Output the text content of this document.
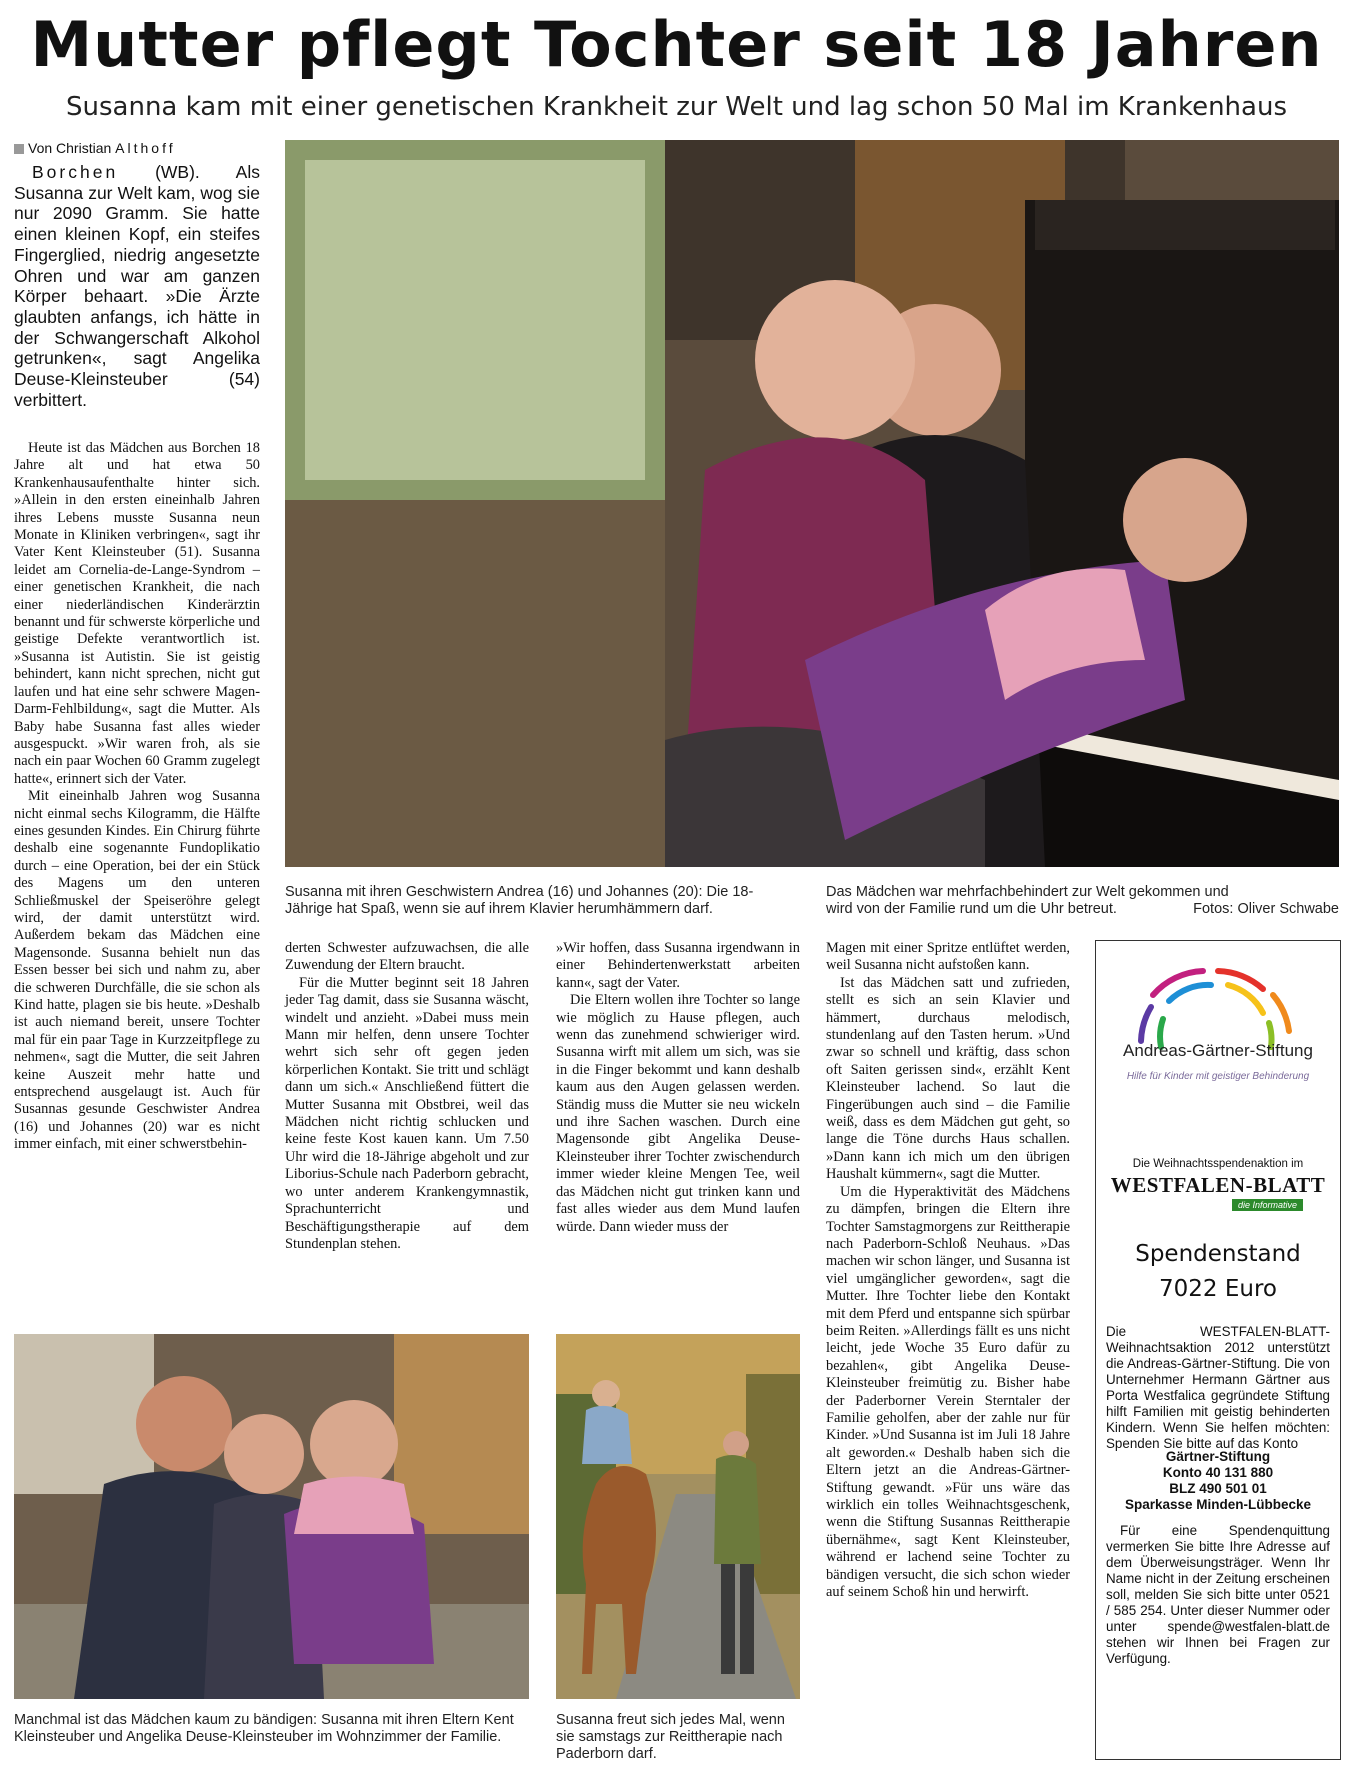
Mutter pflegt Tochter seit 18 Jahren
Susanna kam mit einer genetischen Krankheit zur Welt und lag schon 50 Mal im Krankenhaus
Von Christian Althoff
Borchen (WB). Als Susanna zur Welt kam, wog sie nur 2090 Gramm. Sie hatte einen kleinen Kopf, ein steifes Fingerglied, niedrig angesetzte Ohren und war am ganzen Körper behaart. »Die Ärzte glaubten anfangs, ich hätte in der Schwangerschaft Alkohol getrunken«, sagt Angelika Deuse-Kleinsteuber (54) verbittert.

Heute ist das Mädchen aus Borchen 18 Jahre alt und hat etwa 50 Krankenhausaufenthalte hinter sich. »Allein in den ersten eineinhalb Jahren ihres Lebens musste Susanna neun Monate in Kliniken verbringen«, sagt ihr Vater Kent Kleinsteuber (51). Susanna leidet am Cornelia-de-Lange-Syndrom – einer genetischen Krankheit, die nach einer niederländischen Kinderärztin benannt und für schwerste körperliche und geistige Defekte verantwortlich ist. »Susanna ist Autistin. Sie ist geistig behindert, kann nicht sprechen, nicht gut laufen und hat eine sehr schwere Magen-Darm-Fehlbildung«, sagt die Mutter. Als Baby habe Susanna fast alles wieder ausgespuckt. »Wir waren froh, als sie nach ein paar Wochen 60 Gramm zugelegt hatte«, erinnert sich der Vater.

Mit eineinhalb Jahren wog Susanna nicht einmal sechs Kilogramm, die Hälfte eines gesunden Kindes. Ein Chirurg führte deshalb eine sogenannte Fundoplikatio durch – eine Operation, bei der ein Stück des Magens um den unteren Schließmuskel der Speiseröhre gelegt wird, der damit unterstützt wird. Außerdem bekam das Mädchen eine Magensonde. Susanna behielt nun das Essen besser bei sich und nahm zu, aber die schweren Durchfälle, die sie schon als Kind hatte, plagen sie bis heute. »Deshalb ist auch niemand bereit, unsere Tochter mal für ein paar Tage in Kurzzeitpflege zu nehmen«, sagt die Mutter, die seit Jahren keine Auszeit mehr hatte und entsprechend ausgelaugt ist. Auch für Susannas gesunde Geschwister Andrea (16) und Johannes (20) war es nicht immer einfach, mit einer schwerstbehin-

Susanna mit ihren Geschwistern Andrea (16) und Johannes (20): Die 18-Jährige hat Spaß, wenn sie auf ihrem Klavier herumhämmern darf.
Das Mädchen war mehrfachbehindert zur Welt gekommen und wird von der Familie rund um die Uhr betreut.	Fotos: Oliver Schwabe

derten Schwester aufzuwachsen, die alle Zuwendung der Eltern braucht.

Für die Mutter beginnt seit 18 Jahren jeder Tag damit, dass sie Susanna wäscht, windelt und anzieht. »Dabei muss mein Mann mir helfen, denn unsere Tochter wehrt sich sehr oft gegen jeden körperlichen Kontakt. Sie tritt und schlägt dann um sich.« Anschließend füttert die Mutter Susanna mit Obstbrei, weil das Mädchen nicht richtig schlucken und keine feste Kost kauen kann. Um 7.50 Uhr wird die 18-Jährige abgeholt und zur Liborius-Schule nach Paderborn gebracht, wo unter anderem Krankengymnastik, Sprachunterricht und Beschäftigungstherapie auf dem Stundenplan stehen.

»Wir hoffen, dass Susanna irgendwann in einer Behindertenwerkstatt arbeiten kann«, sagt der Vater.

Die Eltern wollen ihre Tochter so lange wie möglich zu Hause pflegen, auch wenn das zunehmend schwieriger wird. Susanna wirft mit allem um sich, was sie in die Finger bekommt und kann deshalb kaum aus den Augen gelassen werden. Ständig muss die Mutter sie neu wickeln und ihre Sachen waschen. Durch eine Magensonde gibt Angelika Deuse-Kleinsteuber ihrer Tochter zwischendurch immer wieder kleine Mengen Tee, weil das Mädchen nicht gut trinken kann und fast alles wieder aus dem Mund laufen würde. Dann wieder muss der

Magen mit einer Spritze entlüftet werden, weil Susanna nicht aufstoßen kann.

Ist das Mädchen satt und zufrieden, stellt es sich an sein Klavier und hämmert, durchaus melodisch, stundenlang auf den Tasten herum. »Und zwar so schnell und kräftig, dass schon oft Saiten gerissen sind«, erzählt Kent Kleinsteuber lachend. So laut die Fingerübungen auch sind – die Familie weiß, dass es dem Mädchen gut geht, so lange die Töne durchs Haus schallen. »Dann kann ich mich um den übrigen Haushalt kümmern«, sagt die Mutter.

Um die Hyperaktivität des Mädchens zu dämpfen, bringen die Eltern ihre Tochter Samstagmorgens zur Reittherapie nach Paderborn-Schloß Neuhaus. »Das machen wir schon länger, und Susanna ist viel umgänglicher geworden«, sagt die Mutter. Ihre Tochter liebe den Kontakt mit dem Pferd und entspanne sich spürbar beim Reiten. »Allerdings fällt es uns nicht leicht, jede Woche 35 Euro dafür zu bezahlen«, gibt Angelika Deuse-Kleinsteuber freimütig zu. Bisher habe der Paderborner Verein Sterntaler der Familie geholfen, aber der zahle nur für Kinder. »Und Susanna ist im Juli 18 Jahre alt geworden.« Deshalb haben sich die Eltern jetzt an die Andreas-Gärtner-Stiftung gewandt. »Für uns wäre das wirklich ein tolles Weihnachtsgeschenk, wenn die Stiftung Susannas Reittherapie übernähme«, sagt Kent Kleinsteuber, während er lachend seine Tochter zu bändigen versucht, die sich schon wieder auf seinem Schoß hin und herwirft.

Manchmal ist das Mädchen kaum zu bändigen: Susanna mit ihren Eltern Kent Kleinsteuber und Angelika Deuse-Kleinsteuber im Wohnzimmer der Familie.
Susanna freut sich jedes Mal, wenn sie samstags zur Reittherapie nach Paderborn darf.
Andreas-Gärtner-Stiftung
Hilfe für Kinder mit geistiger Behinderung
Die Weihnachtsspendenaktion im
WESTFALEN-BLATT
die Informative
Spendenstand
7022 Euro
Die WESTFALEN-BLATT-Weihnachtsaktion 2012 unterstützt die Andreas-Gärtner-Stiftung. Die von Unternehmer Hermann Gärtner aus Porta Westfalica gegründete Stiftung hilft Familien mit geistig behinderten Kindern. Wenn Sie helfen möchten: Spenden Sie bitte auf das Konto
Gärtner-Stiftung
Konto 40 131 880
BLZ 490 501 01
Sparkasse Minden-Lübbecke
Für eine Spendenquittung vermerken Sie bitte Ihre Adresse auf dem Überweisungsträger. Wenn Ihr Name nicht in der Zeitung erscheinen soll, melden Sie sich bitte unter 0521 / 585 254. Unter dieser Nummer oder unter spende@westfalen-blatt.de stehen wir Ihnen bei Fragen zur Verfügung.
